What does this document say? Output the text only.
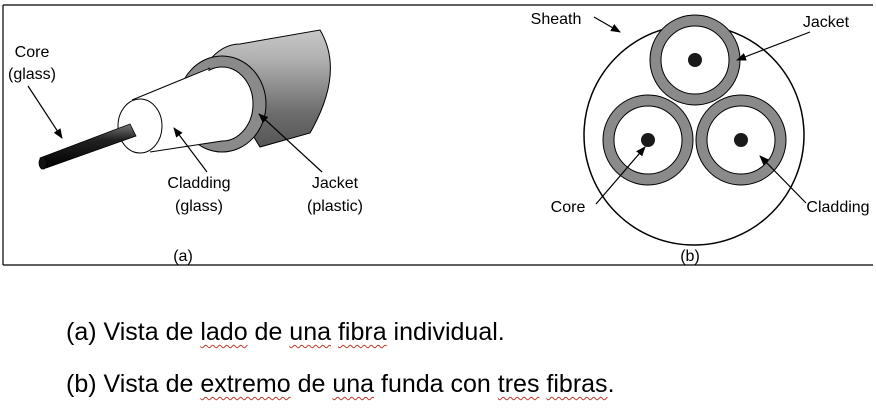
Core
(glass)
Cladding
(glass)
Jacket
(plastic)
(a)
Sheath	Jacket
Core	Cladding
(b)
(a) Vista de lado de una fibra individual.
(b) Vista de extremo de una funda con tres fibras.
